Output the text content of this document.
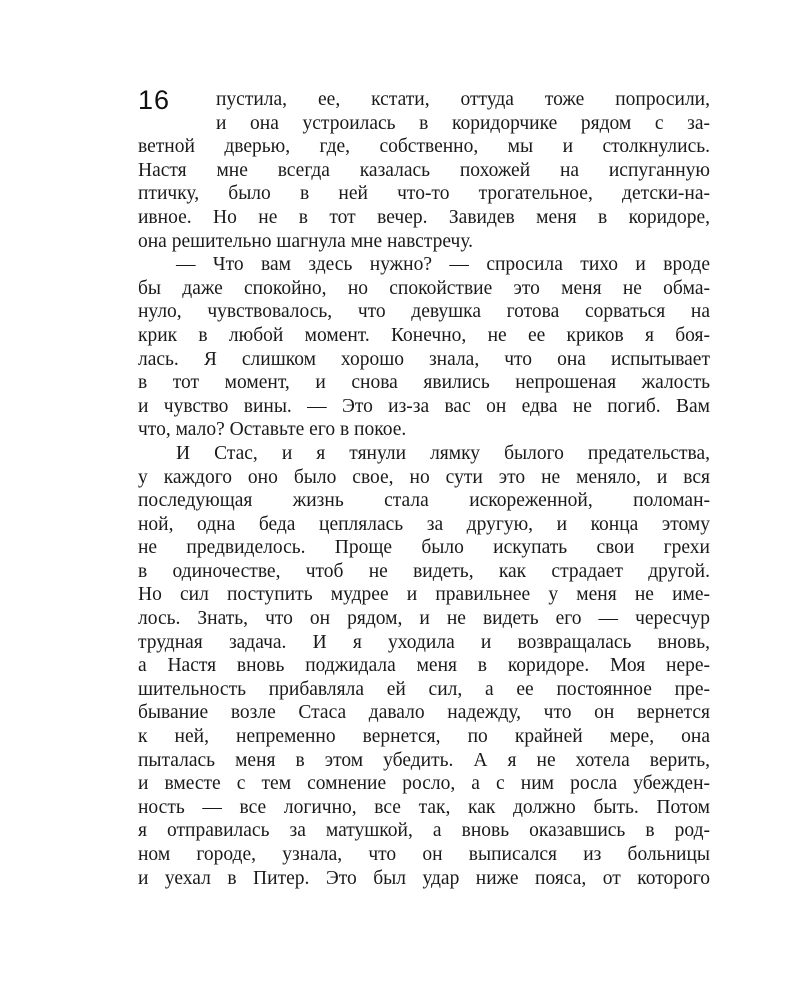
16	пустила, ее, кстати, оттуда тоже попросили,
и она устроилась в коридорчике рядом с за-
ветной дверью, где, собственно, мы и столкнулись.
Настя мне всегда казалась похожей на испуганную
птичку, было в ней что-то трогательное, детски-на-
ивное. Но не в тот вечер. Завидев меня в коридоре,
она решительно шагнула мне навстречу.
— Что вам здесь нужно? — спросила тихо и вроде
бы даже спокойно, но спокойствие это меня не обма-
нуло, чувствовалось, что девушка готова сорваться на
крик в любой момент. Конечно, не ее криков я боя-
лась. Я слишком хорошо знала, что она испытывает
в тот момент, и снова явились непрошеная жалость
и чувство вины. — Это из-за вас он едва не погиб. Вам
что, мало? Оставьте его в покое.
И Стас, и я тянули лямку былого предательства,
у каждого оно было свое, но сути это не меняло, и вся
последующая жизнь стала искореженной, поломан-
ной, одна беда цеплялась за другую, и конца этому
не предвиделось. Проще было искупать свои грехи
в одиночестве, чтоб не видеть, как страдает другой.
Но сил поступить мудрее и правильнее у меня не име-
лось. Знать, что он рядом, и не видеть его — чересчур
трудная задача. И я уходила и возвращалась вновь,
а Настя вновь поджидала меня в коридоре. Моя нере-
шительность прибавляла ей сил, а ее постоянное пре-
бывание возле Стаса давало надежду, что он вернется
к ней, непременно вернется, по крайней мере, она
пыталась меня в этом убедить. А я не хотела верить,
и вместе с тем сомнение росло, а с ним росла убежден-
ность — все логично, все так, как должно быть. Потом
я отправилась за матушкой, а вновь оказавшись в род-
ном городе, узнала, что он выписался из больницы
и уехал в Питер. Это был удар ниже пояса, от которого
